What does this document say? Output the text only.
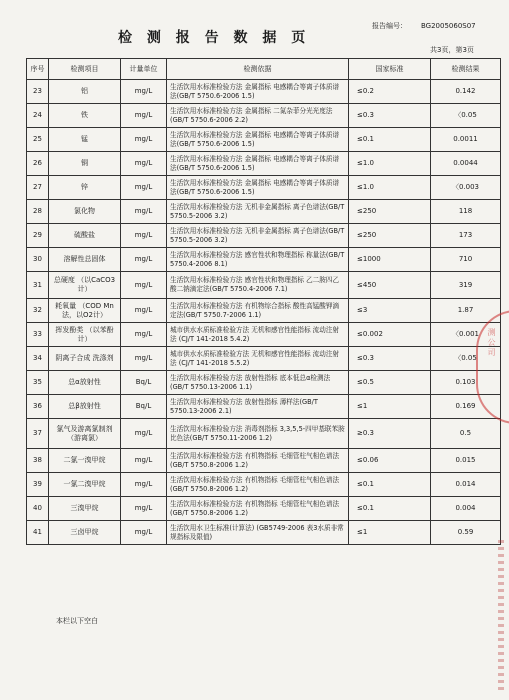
检 测 报 告 数 据 页
报告编号： BG2005060S07
共3页，第3页
序号	检测项目	计量单位	检测依据	国家标准	检测结果
23	铝	mg/L	生活饮用水标准检验方法 金属指标 电感耦合等离子体质谱法(GB/T 5750.6-2006 1.5)	≤0.2	0.142
24	铁	mg/L	生活饮用水标准检验方法 金属指标 二氮杂菲分光光度法(GB/T 5750.6-2006 2.2)	≤0.3	〈0.05
25	锰	mg/L	生活饮用水标准检验方法 金属指标 电感耦合等离子体质谱法(GB/T 5750.6-2006 1.5)	≤0.1	0.0011
26	铜	mg/L	生活饮用水标准检验方法 金属指标 电感耦合等离子体质谱法(GB/T 5750.6-2006 1.5)	≤1.0	0.0044
27	锌	mg/L	生活饮用水标准检验方法 金属指标 电感耦合等离子体质谱法(GB/T 5750.6-2006 1.5)	≤1.0	〈0.003
28	氯化物	mg/L	生活饮用水标准检验方法 无机非金属指标 离子色谱法(GB/T 5750.5-2006 3.2)	≤250	118
29	硫酸盐	mg/L	生活饮用水标准检验方法 无机非金属指标 离子色谱法(GB/T 5750.5-2006 3.2)	≤250	173
30	溶解性总固体	mg/L	生活饮用水标准检验方法 感官性状和物理指标 称量法(GB/T 5750.4-2006 8.1)	≤1000	710
31	总硬度 （以CaCO3计）	mg/L	生活饮用水标准检验方法 感官性状和物理指标 乙二胺四乙酸二钠滴定法(GB/T 5750.4-2006 7.1)	≤450	319
32	耗氧量 （COD Mn法，以O2计）	mg/L	生活饮用水标准检验方法 有机物综合指标 酸性高锰酸钾滴定法(GB/T 5750.7-2006 1.1)	≤3	1.87
33	挥发酚类 （以苯酚计）	mg/L	城市供水水质标准检验方法 无机和感官性能指标 流动注射法 (CJ/T 141-2018 5.4.2)	≤0.002	〈0.001
34	阴离子合成 洗涤剂	mg/L	城市供水水质标准检验方法 无机和感官性能指标 流动注射法 (CJ/T 141-2018 5.5.2)	≤0.3	〈0.05
35	总α放射性	Bq/L	生活饮用水标准检验方法 放射性指标 底本低总α检测法(GB/T 5750.13-2006 1.1)	≤0.5	0.103
36	总β放射性	Bq/L	生活饮用水标准检验方法 放射性指标 薄样法(GB/T 5750.13-2006 2.1)	≤1	0.169
37	氯气及游离氯制剂 （游离氯）	mg/L	生活饮用水标准检验方法 消毒剂指标 3,3,5,5-四甲基联苯胺比色法(GB/T 5750.11-2006 1.2)	≥0.3	0.5
38	二氯一溴甲烷	mg/L	生活饮用水标准检验方法 有机物指标 毛细管柱气相色谱法(GB/T 5750.8-2006 1.2)	≤0.06	0.015
39	一氯二溴甲烷	mg/L	生活饮用水标准检验方法 有机物指标 毛细管柱气相色谱法(GB/T 5750.8-2006 1.2)	≤0.1	0.014
40	三溴甲烷	mg/L	生活饮用水标准检验方法 有机物指标 毛细管柱气相色谱法(GB/T 5750.8-2006 1.2)	≤0.1	0.004
41	三卤甲烷	mg/L	生活饮用水卫生标准(计算法) (GB5749-2006 表3水质非常规指标及限值)	≤1	0.59
本栏以下空白
测公司
